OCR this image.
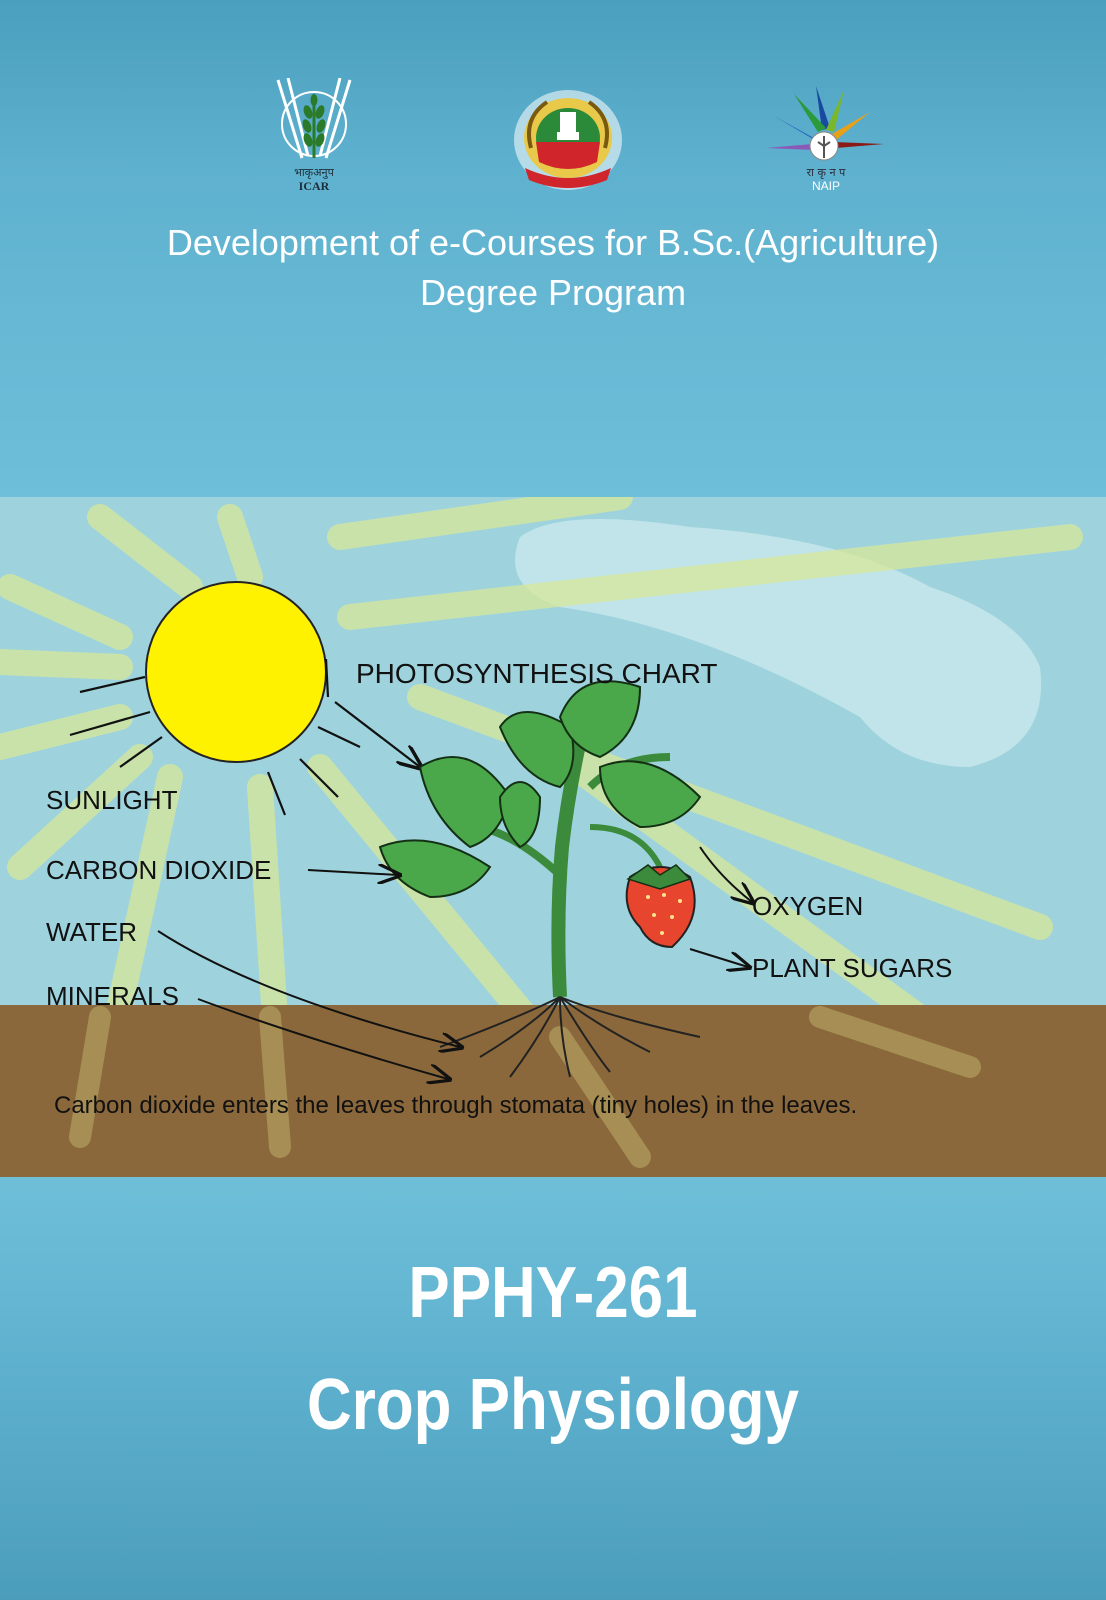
भाकृअनुप
ICAR
रा कृ न प
NAIP
Development of e-Courses for B.Sc.(Agriculture)
Degree Program
PHOTOSYNTHESIS CHART
SUNLIGHT
CARBON DIOXIDE
WATER
MINERALS
OXYGEN
PLANT SUGARS
Carbon dioxide enters the leaves through stomata (tiny holes) in the leaves.
PPHY-261
Crop Physiology
